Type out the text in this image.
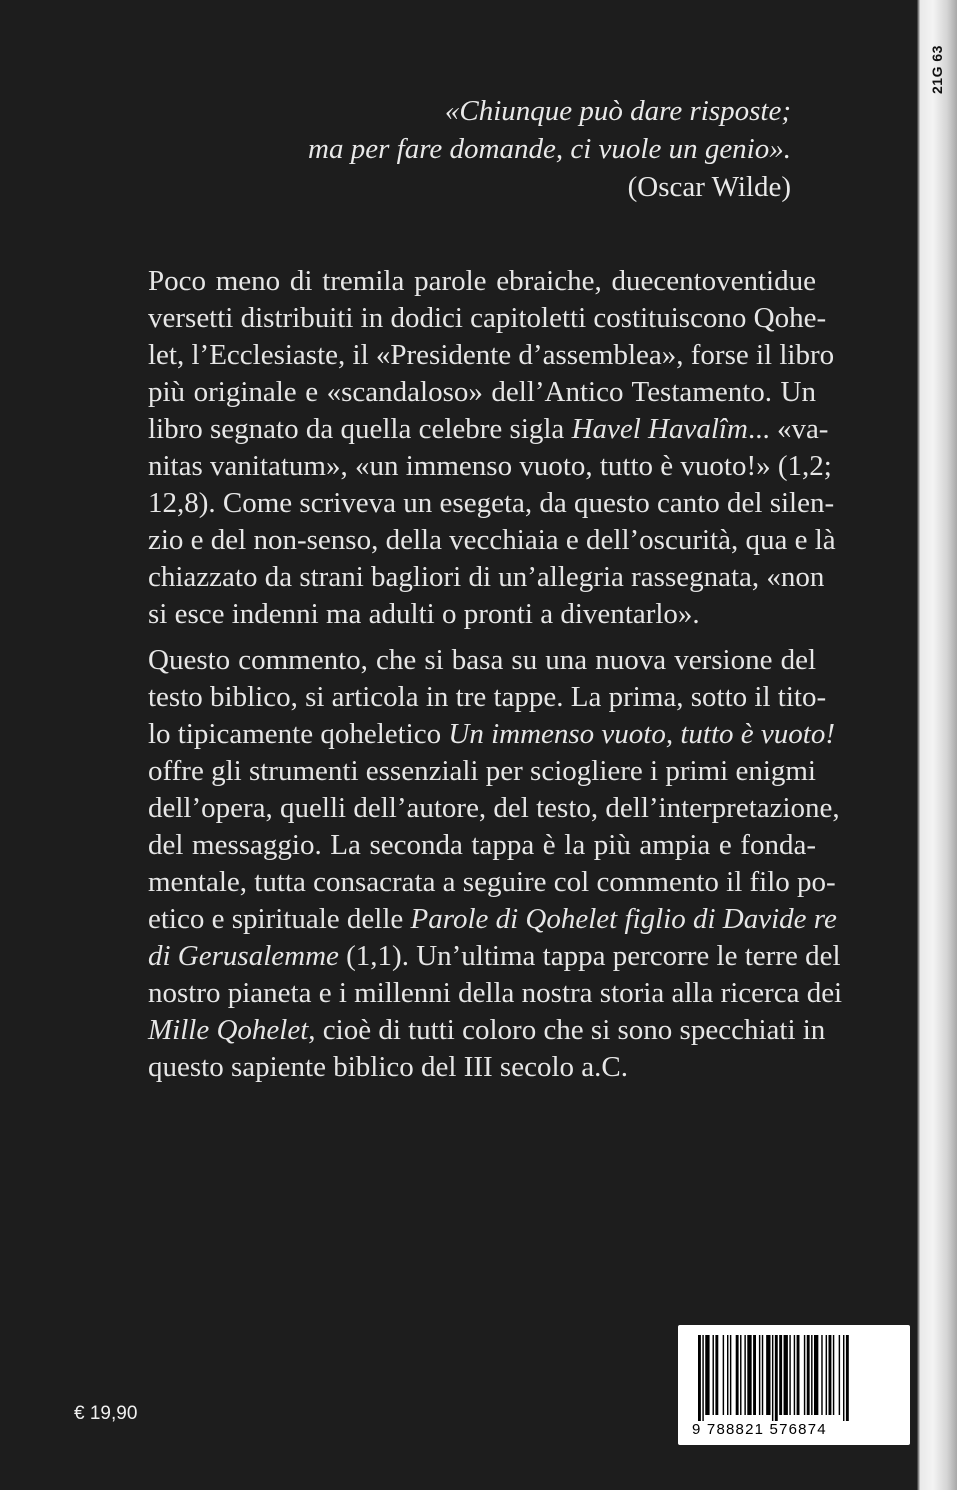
21G 63
«Chiunque può dare risposte;
ma per fare domande, ci vuole un genio».
(Oscar Wilde)
Poco meno di tremila parole ebraiche, duecentoventidue
versetti distribuiti in dodici capitoletti costituiscono Qohe-
let, l’Ecclesiaste, il «Presidente d’assemblea», forse il libro
più originale e «scandaloso» dell’Antico Testamento. Un
libro segnato da quella celebre sigla Havel Havalîm... «va-
nitas vanitatum», «un immenso vuoto, tutto è vuoto!» (1,2;
12,8). Come scriveva un esegeta, da questo canto del silen-
zio e del non-senso, della vecchiaia e dell’oscurità, qua e là
chiazzato da strani bagliori di un’allegria rassegnata, «non
si esce indenni ma adulti o pronti a diventarlo».
Questo commento, che si basa su una nuova versione del
testo biblico, si articola in tre tappe. La prima, sotto il tito-
lo tipicamente qoheletico Un immenso vuoto, tutto è vuoto!
offre gli strumenti essenziali per sciogliere i primi enigmi
dell’opera, quelli dell’autore, del testo, dell’interpretazione,
del messaggio. La seconda tappa è la più ampia e fonda-
mentale, tutta consacrata a seguire col commento il filo po-
etico e spirituale delle Parole di Qohelet figlio di Davide re
di Gerusalemme (1,1). Un’ultima tappa percorre le terre del
nostro pianeta e i millenni della nostra storia alla ricerca dei
Mille Qohelet, cioè di tutti coloro che si sono specchiati in
questo sapiente biblico del III secolo a.C.
€ 19,90
9 788821 576874
